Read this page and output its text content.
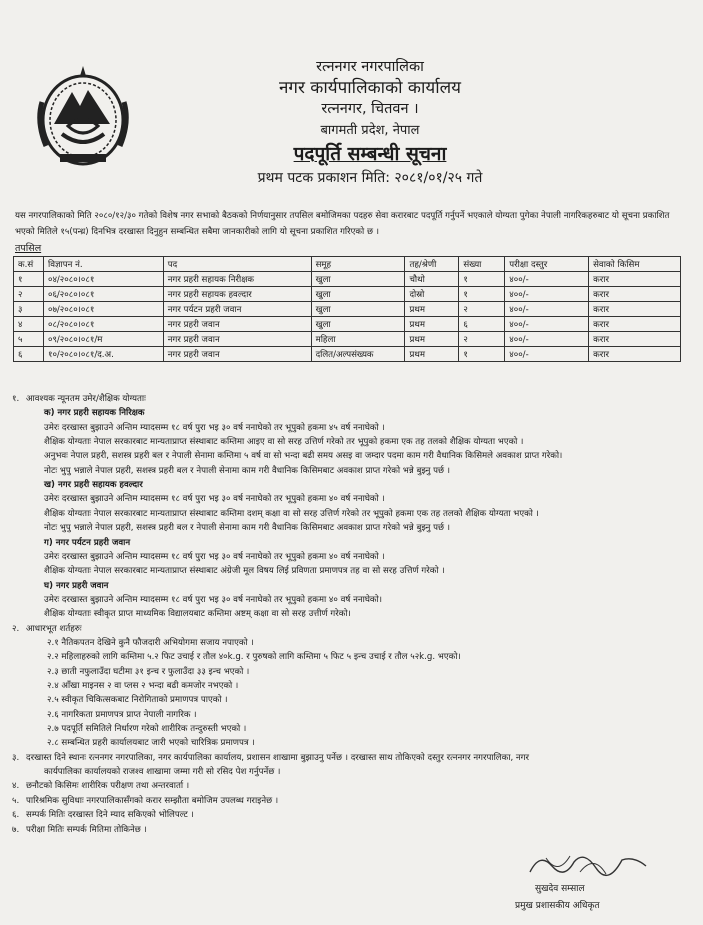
रत्ननगर नगरपालिका
नगर कार्यपालिकाको कार्यालय
रत्ननगर, चितवन ।
बागमती प्रदेश, नेपाल
पदपूर्ति सम्बन्धी सूचना
प्रथम पटक प्रकाशन मिति: २०८१/०१/२५ गते
यस नगरपालिकाको मिति २०८०/१२/३० गतेको विशेष नगर सभाको बैठकको निर्णयानुसार तपसिल बमोजिमका पदहरु सेवा करारबाट पदपूर्ति गर्नुपर्ने भएकाले योग्यता पुगेका नेपाली नागरिकहरुबाट यो सूचना प्रकाशित भएको मितिले १५(पन्ध्र) दिनभित्र दरखास्त दिनुहुन सम्बन्धित सबैमा जानकारीको लागि यो सूचना प्रकाशित गरिएको छ ।
तपसिल
क.सं	विज्ञापन नं.	पद	समूह	तह/श्रेणी	संख्या	परीक्षा दस्तुर	सेवाको किसिम
१	०४/२०८०।०८१	नगर प्रहरी सहायक निरीक्षक	खुला	चौथो	१	४००/-	करार
२	०६/२०८०।०८१	नगर प्रहरी सहायक हवल्दार	खुला	दोस्रो	१	४००/-	करार
३	०७/२०८०।०८१	नगर पर्यटन प्रहरी जवान	खुला	प्रथम	२	४००/-	करार
४	०८/२०८०।०८१	नगर प्रहरी जवान	खुला	प्रथम	६	४००/-	करार
५	०९/२०८०।०८१/म	नगर प्रहरी जवान	महिला	प्रथम	२	४००/-	करार
६	१०/२०८०।०८१/द.अ.	नगर प्रहरी जवान	दलित/अल्पसंख्यक	प्रथम	१	४००/-	करार
१. आवश्यक न्यूनतम उमेर/शैक्षिक योग्यताः
क) नगर प्रहरी सहायक निरिक्षक
उमेरः दरखास्त बुझाउने अन्तिम म्यादसम्म १८ वर्ष पुरा भइ ३० वर्ष ननाघेको तर भूपुको हकमा ४५ वर्ष ननाघेको ।
शैक्षिक योग्यताः नेपाल सरकारबाट मान्यताप्राप्त संस्थाबाट कम्तिमा आइए वा सो सरह उत्तिर्ण गरेको तर भूपुको हकमा एक तह तलको शैक्षिक योग्यता भएको ।
अनुभवः नेपाल प्रहरी, सशस्त्र प्रहरी बल र नेपाली सेनामा कम्तिमा ५ वर्ष वा सो भन्दा बढी समय असइ वा जम्दार पदमा काम गरी वैधानिक किसिमले अवकाश प्राप्त गरेको।
नोटः भुपु भन्नाले नेपाल प्रहरी, सशस्त्र प्रहरी बल र नेपाली सेनामा काम गरी वैधानिक किसिमबाट अवकाश प्राप्त गरेको भन्ने बुझ्नु पर्छ ।
ख) नगर प्रहरी सहायक हवल्दार
उमेरः दरखास्त बुझाउने अन्तिम म्यादसम्म १८ वर्ष पुरा भइ ३० वर्ष ननाघेको तर भूपुको हकमा ४० वर्ष ननाघेको ।
शैक्षिक योग्यताः नेपाल सरकारबाट मान्यताप्राप्त संस्थाबाट कम्तिमा दशम् कक्षा वा सो सरह उत्तिर्ण गरेको तर भूपुको हकमा एक तह तलको शैक्षिक योग्यता भएको ।
नोटः भुपु भन्नाले नेपाल प्रहरी, सशस्त्र प्रहरी बल र नेपाली सेनामा काम गरी वैधानिक किसिमबाट अवकाश प्राप्त गरेको भन्ने बुझ्नु पर्छ ।
ग) नगर पर्यटन प्रहरी जवान
उमेरः दरखास्त बुझाउने अन्तिम म्यादसम्म १८ वर्ष पुरा भइ ३० वर्ष ननाघेको तर भूपुको हकमा ४० वर्ष ननाघेको ।
शैक्षिक योग्यताः नेपाल सरकारबाट मान्यताप्राप्त संस्थाबाट अंग्रेजी मूल विषय लिई प्रविणता प्रमाणपत्र तह वा सो सरह उत्तिर्ण गरेको ।
घ) नगर प्रहरी जवान
उमेरः दरखास्त बुझाउने अन्तिम म्यादसम्म १८ वर्ष पुरा भइ ३० वर्ष ननाघेको तर भूपुको हकमा ४० वर्ष ननाघेको।
शैक्षिक योग्यताः स्वीकृत प्राप्त माध्यमिक विद्यालयबाट कम्तिमा अष्टम् कक्षा वा सो सरह उत्तीर्ण गरेको।
२. आधारभूत शर्तहरुः
२.१ नैतिकपतन देखिने कुनै फौजदारी अभियोगमा सजाय नपाएको ।
२.२ महिलाहरुको लागि कम्तिमा ५.२ फिट उचाई र तौल ४०k.g. र पुरुषको लागि कम्तिमा ५ फिट ५ इन्च उचाई र तौल ५२k.g. भएको।
२.३ छाती नफुलाउँदा घटीमा ३१ इन्च र फुलाउँदा ३३ इन्च भएको ।
२.४ आँखा माइनस २ वा प्लस २ भन्दा बढी कमजोर नभएको ।
२.५ स्वीकृत चिकित्सकबाट निरोगिताको प्रमाणपत्र पाएको ।
२.६ नागरिकता प्रमाणपत्र प्राप्त नेपाली नागरिक ।
२.७ पदपूर्ति समितिले निर्धारण गरेको शारीरिक तन्दुरुस्ती भएको ।
२.८ सम्बन्धित प्रहरी कार्यालयबाट जारी भएको चारित्रिक प्रमाणपत्र ।
३. दरखास्त दिने स्थानः रत्ननगर नगरपालिका, नगर कार्यपालिका कार्यालय, प्रशासन शाखामा बुझाउनु पर्नेछ । दरखास्त साथ तोकिएको दस्तुर रत्ननगर नगरपालिका, नगर
कार्यपालिका कार्यालयको राजश्व शाखामा जम्मा गरी सो रसिद पेश गर्नुपर्नेछ ।
४. छनौटको किसिमः शारीरिक परीक्षण तथा अन्तरवार्ता ।
५. पारिश्रमिक सुविधाः नगरपालिकासँगको करार सम्झौता बमोजिम उपलब्ध गराइनेछ ।
६. सम्पर्क मितिः दरखास्त दिने म्याद सकिएको भोलिपल्ट ।
७. परीक्षा मितिः सम्पर्क मितिमा तोकिनेछ ।
सुखदेव सम्साल
प्रमुख प्रशासकीय अधिकृत
